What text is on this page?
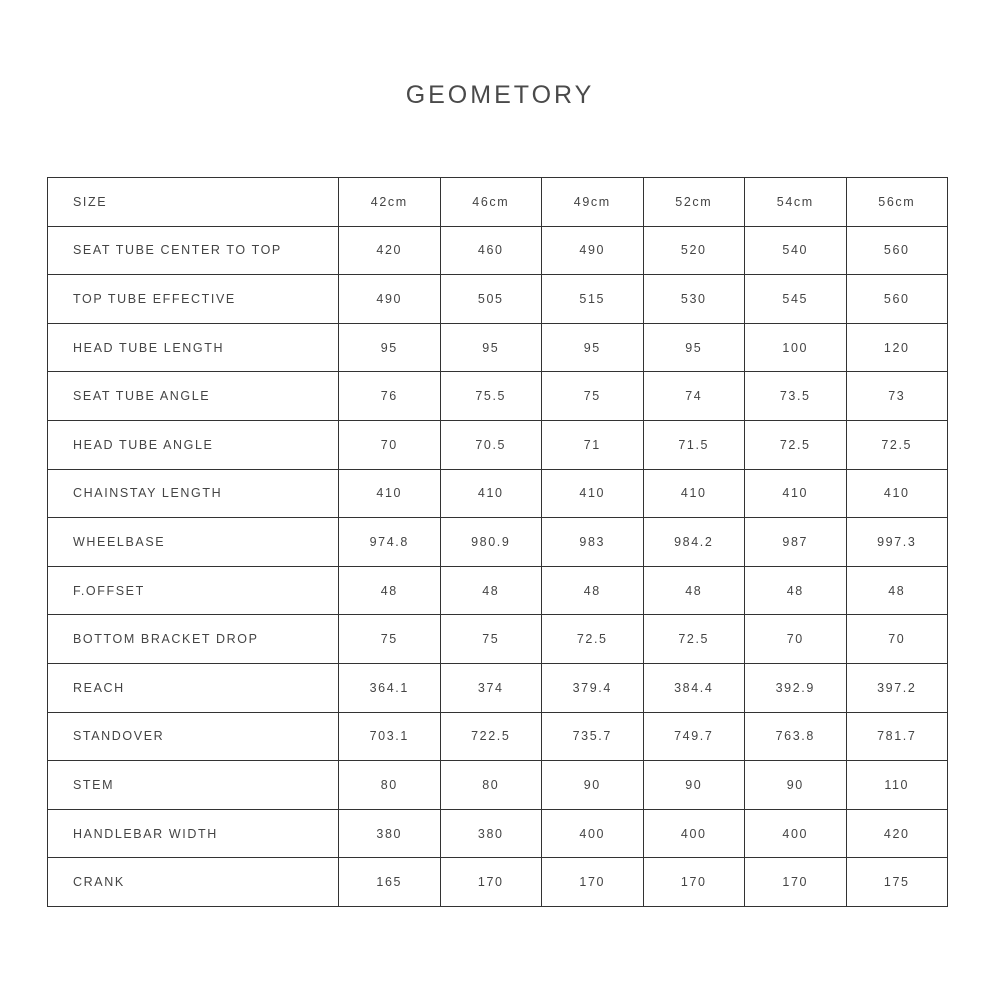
GEOMETORY
SIZE	42cm	46cm	49cm	52cm	54cm	56cm
SEAT TUBE CENTER TO TOP	420	460	490	520	540	560
TOP TUBE EFFECTIVE	490	505	515	530	545	560
HEAD TUBE LENGTH	95	95	95	95	100	120
SEAT TUBE ANGLE	76	75.5	75	74	73.5	73
HEAD TUBE ANGLE	70	70.5	71	71.5	72.5	72.5
CHAINSTAY LENGTH	410	410	410	410	410	410
WHEELBASE	974.8	980.9	983	984.2	987	997.3
F.OFFSET	48	48	48	48	48	48
BOTTOM BRACKET DROP	75	75	72.5	72.5	70	70
REACH	364.1	374	379.4	384.4	392.9	397.2
STANDOVER	703.1	722.5	735.7	749.7	763.8	781.7
STEM	80	80	90	90	90	110
HANDLEBAR WIDTH	380	380	400	400	400	420
CRANK	165	170	170	170	170	175
